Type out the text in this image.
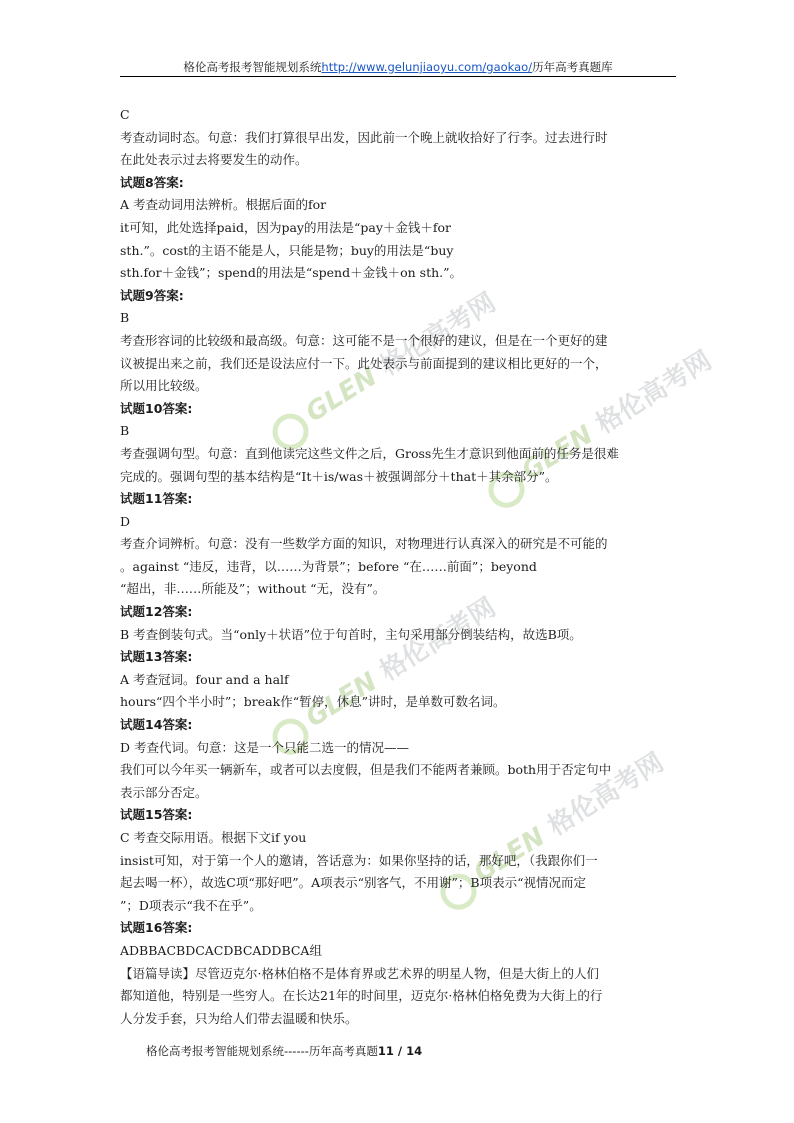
格伦高考报考智能规划系统http://www.gelunjiaoyu.com/gaokao/历年高考真题库
GLEN格伦高考网
GLEN格伦高考网
GLEN格伦高考网
GLEN格伦高考网
C
考查动词时态。句意：我们打算很早出发，因此前一个晚上就收拾好了行李。过去进行时
在此处表示过去将要发生的动作。
试题8答案:
A 考查动词用法辨析。根据后面的for
it可知，此处选择paid，因为pay的用法是“pay＋金钱＋for
sth.”。cost的主语不能是人，只能是物；buy的用法是“buy
sth.for＋金钱”；spend的用法是“spend＋金钱＋on sth.”。
试题9答案:
B
考查形容词的比较级和最高级。句意：这可能不是一个很好的建议，但是在一个更好的建
议被提出来之前，我们还是设法应付一下。此处表示与前面提到的建议相比更好的一个，
所以用比较级。
试题10答案:
B
考查强调句型。句意：直到他读完这些文件之后，Gross先生才意识到他面前的任务是很难
完成的。强调句型的基本结构是“It＋is/was＋被强调部分＋that＋其余部分”。
试题11答案:
D
考查介词辨析。句意：没有一些数学方面的知识，对物理进行认真深入的研究是不可能的
。against “违反，违背，以……为背景”；before “在……前面”；beyond
“超出，非……所能及”；without “无，没有”。
试题12答案:
B 考查倒装句式。当“only＋状语”位于句首时，主句采用部分倒装结构，故选B项。
试题13答案:
A 考查冠词。four and a half
hours“四个半小时”；break作“暂停，休息”讲时，是单数可数名词。
试题14答案:
D 考查代词。句意：这是一个只能二选一的情况——
我们可以今年买一辆新车，或者可以去度假，但是我们不能两者兼顾。both用于否定句中
表示部分否定。
试题15答案:
C 考查交际用语。根据下文if you
insist可知，对于第一个人的邀请，答话意为：如果你坚持的话，那好吧，（我跟你们一
起去喝一杯），故选C项“那好吧”。A项表示“别客气，不用谢”；B项表示“视情况而定
”；D项表示“我不在乎”。
试题16答案:
ADBBACBDCACDBCADDBCA组
【语篇导读】尽管迈克尔·格林伯格不是体育界或艺术界的明星人物，但是大街上的人们
都知道他，特别是一些穷人。在长达21年的时间里，迈克尔·格林伯格免费为大街上的行
人分发手套，只为给人们带去温暖和快乐。
格伦高考报考智能规划系统------历年高考真题11 / 14
